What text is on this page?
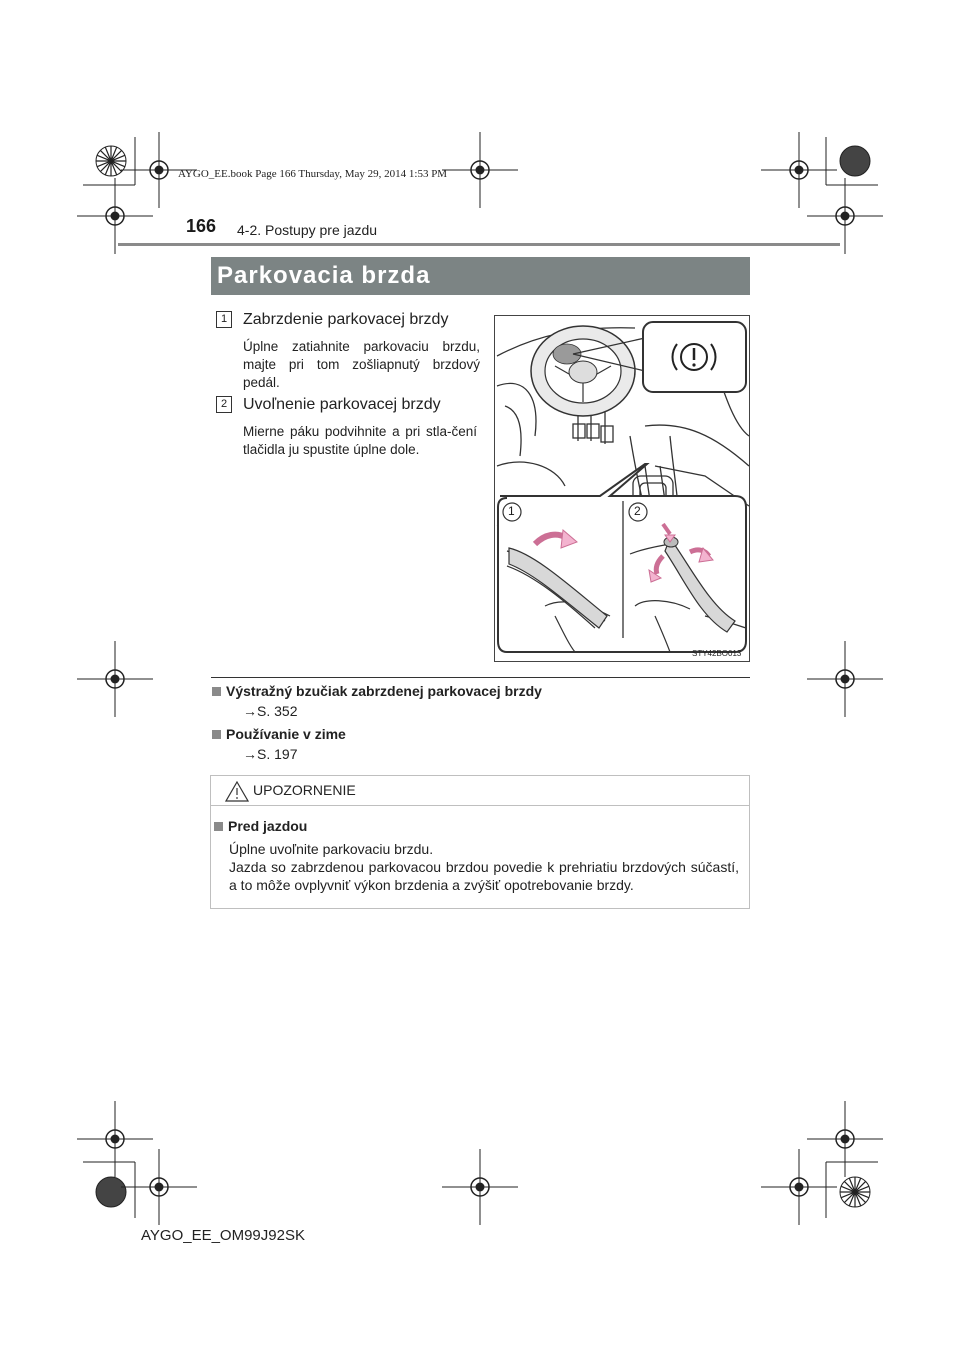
AYGO_EE.book Page 166 Thursday, May 29, 2014 1:53 PM
166 4-2. Postupy pre jazdu
Parkovacia brzda
1 Zabrzdenie parkovacej brzdy
Úplne zatiahnite parkovaciu brzdu, majte pri tom zošliapnutý brzdový pedál.
2 Uvoľnenie parkovacej brzdy
Mierne páku podvihnite a pri stla-čení tlačidla ju spustite úplne dole.
1	2
STY42BO013
Výstražný bzučiak zabrzdenej parkovacej brzdy
→S. 352
Používanie v zime
→S. 197
UPOZORNENIE
Pred jazdou
Úplne uvoľnite parkovaciu brzdu.
Jazda so zabrzdenou parkovacou brzdou povedie k prehriatiu brzdových súčastí, a to môže ovplyvniť výkon brzdenia a zvýšiť opotrebovanie brzdy.
AYGO_EE_OM99J92SK
